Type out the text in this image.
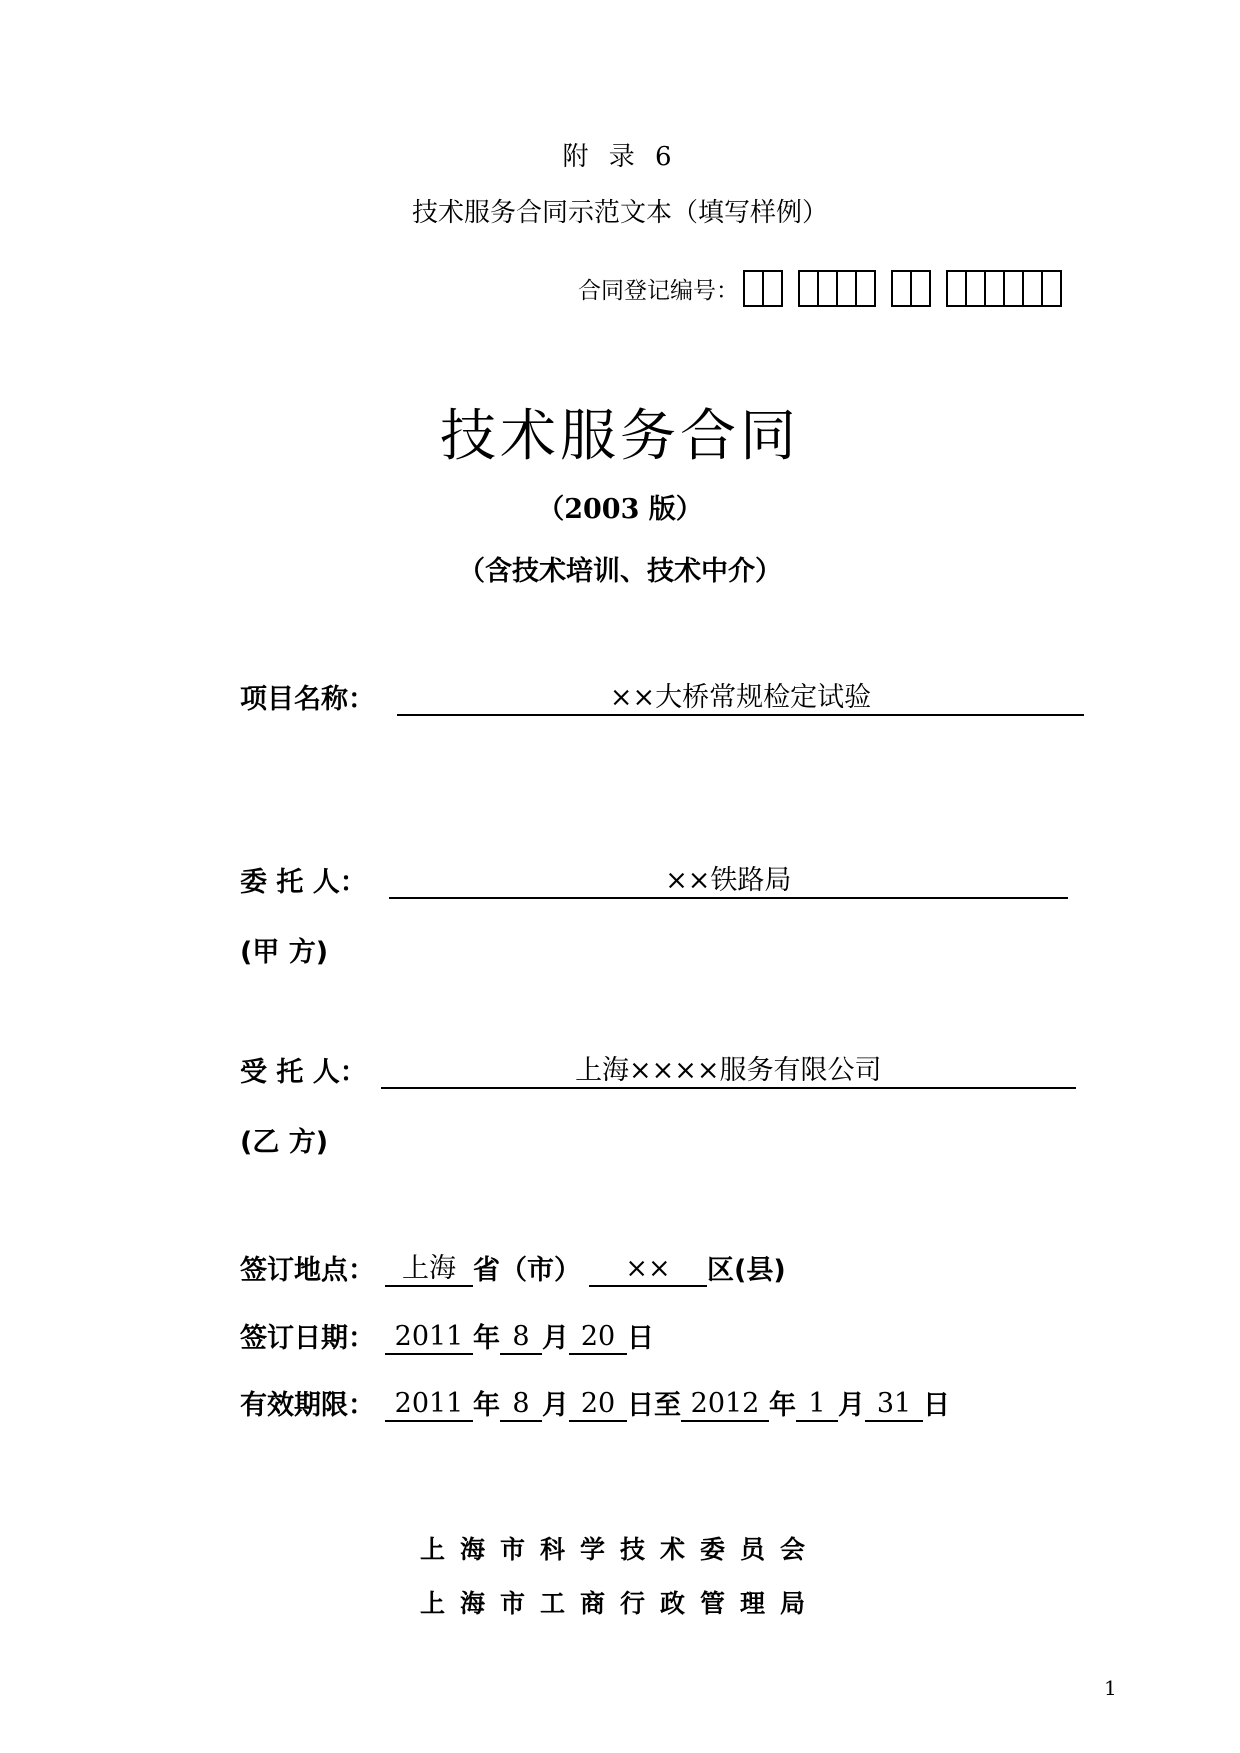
附 录 6
技术服务合同示范文本（填写样例）
合同登记编号：
技术服务合同
（2003 版）
（含技术培训、技术中介）
项目名称：	××大桥常规检定试验
委 托 人：	××铁路局
(甲 方)
受 托 人：	上海××××服务有限公司
(乙 方)
签订地点：	上海 省（市）	××	区(县)
签订日期： 2011 年 8 月 20 日
有效期限： 2011 年 8 月 20 日至 2012 年 1 月 31 日
上海市科学技术委员会
上海市工商行政管理局
1
